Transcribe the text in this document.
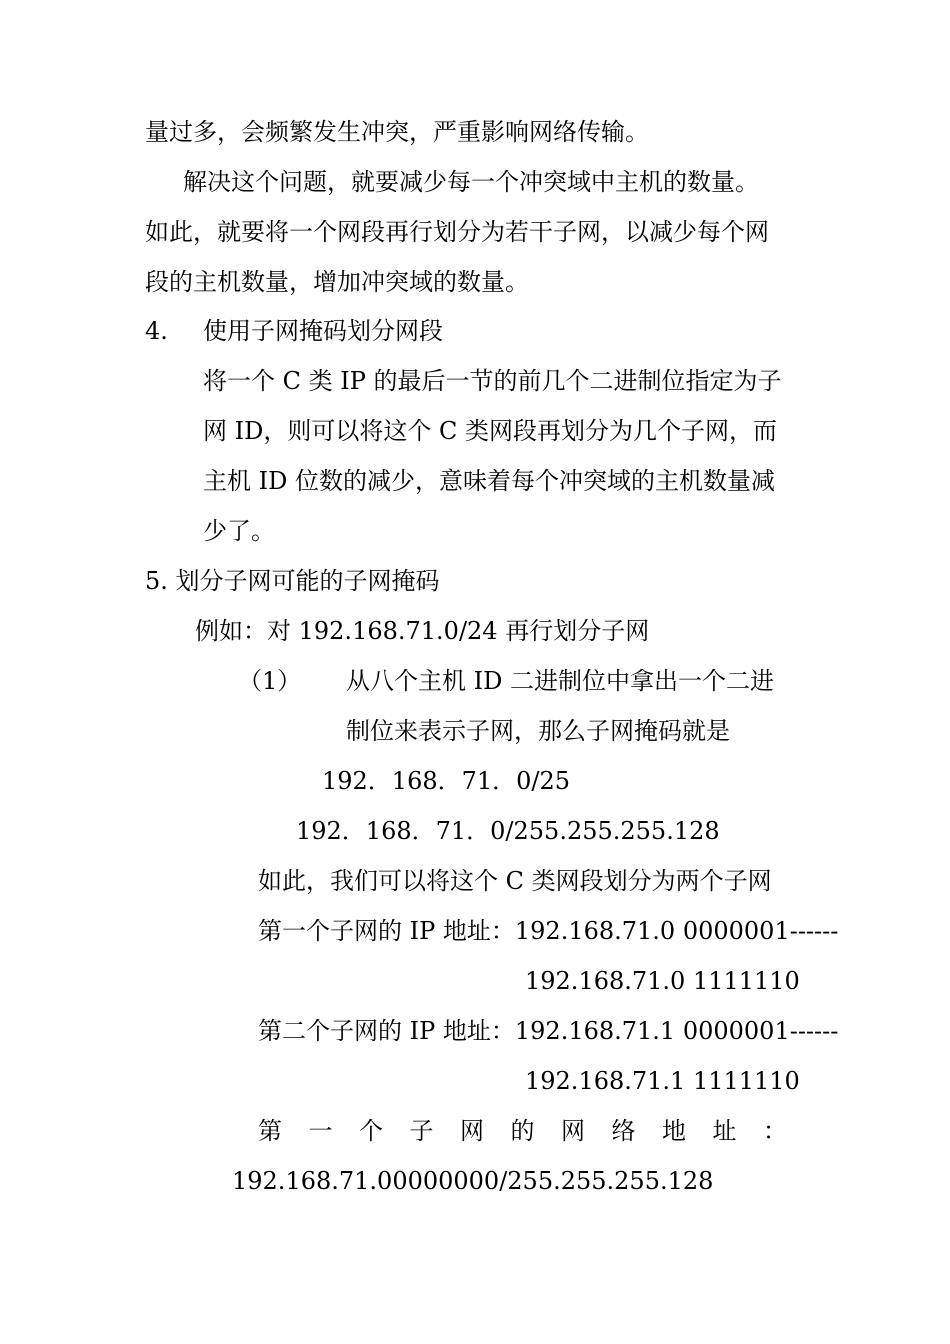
量过多，会频繁发生冲突，严重影响网络传输。
解决这个问题，就要减少每一个冲突域中主机的数量。
如此，就要将一个网段再行划分为若干子网，以减少每个网
段的主机数量，增加冲突域的数量。
4. 使用子网掩码划分网段
将一个 C 类 IP 的最后一节的前几个二进制位指定为子
网 ID，则可以将这个 C 类网段再划分为几个子网，而
主机 ID 位数的减少，意味着每个冲突域的主机数量减
少了。
5. 划分子网可能的子网掩码
例如：对 192.168.71.0/24 再行划分子网
（1） 从八个主机 ID 二进制位中拿出一个二进
制位来表示子网，那么子网掩码就是
192．168．71．0/25
192．168．71．0/255.255.255.128
如此，我们可以将这个 C 类网段划分为两个子网
第一个子网的 IP 地址：192.168.71.0 0000001------
192.168.71.0 1111110
第二个子网的 IP 地址：192.168.71.1 0000001------
192.168.71.1 1111110
第一个子网的网络地址：
192.168.71.00000000/255.255.255.128
